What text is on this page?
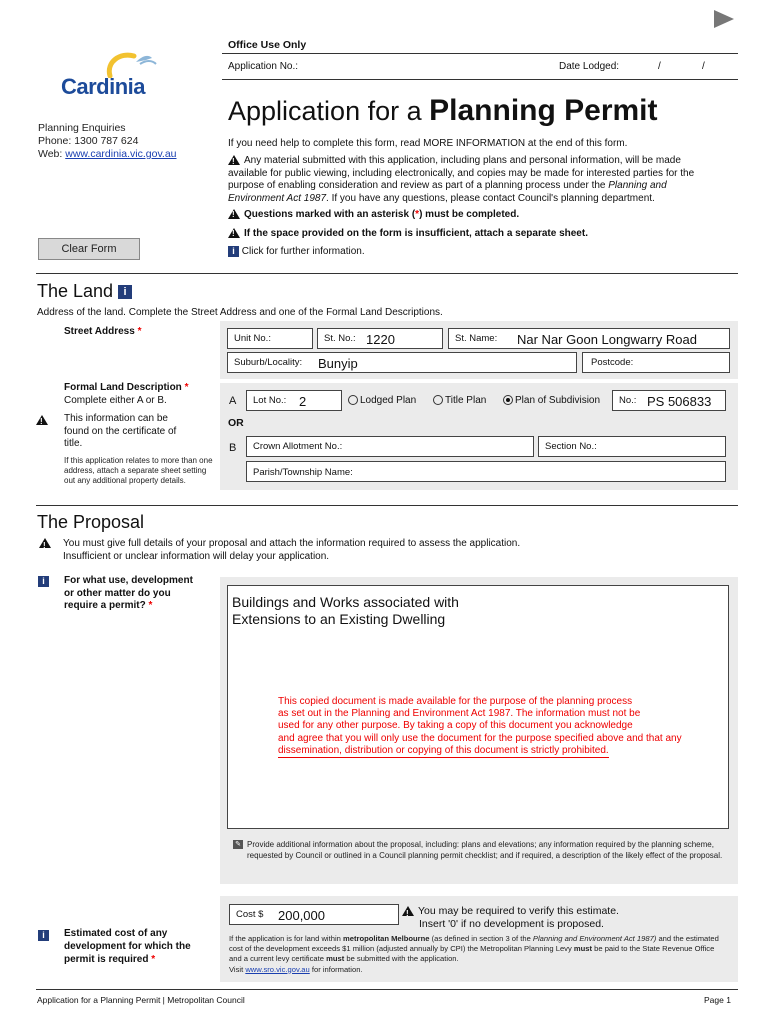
Office Use Only
Application No.:	Date Lodged:	/	/
Cardinia
Planning Enquiries
Phone: 1300 787 624
Web: www.cardinia.vic.gov.au
Clear Form
Application for a Planning Permit
If you need help to complete this form, read MORE INFORMATION at the end of this form.
!Any material submitted with this application, including plans and personal information, will be made available for public viewing, including electronically, and copies may be made for interested parties for the purpose of enabling consideration and review as part of a planning process under the Planning and Environment Act 1987. If you have any questions, please contact Council's planning department.
!Questions marked with an asterisk (*) must be completed.
!If the space provided on the form is insufficient, attach a separate sheet.
i Click for further information.
The Land i
Address of the land. Complete the Street Address and one of the Formal Land Descriptions.
Street Address *
Unit No.:	St. No.: 1220	St. Name: Nar Nar Goon Longwarry Road
Suburb/Locality: Bunyip	Postcode:
Formal Land Description *
Complete either A or B.
!
This information can be found on the certificate of title.
If this application relates to more than one address, attach a separate sheet setting out any additional property details.
A Lot No.: 2	Lodged Plan	Title Plan	Plan of Subdivision No.: PS 506833
OR
B Crown Allotment No.:	Section No.:
Parish/Township Name:
The Proposal
!
You must give full details of your proposal and attach the information required to assess the application.
Insufficient or unclear information will delay your application.
i	For what use, development or other matter do you require a permit? *	Buildings and Works associated with
Extensions to an Existing Dwelling
This copied document is made available for the purpose of the planning process
as set out in the Planning and Environment Act 1987. The information must not be
used for any other purpose. By taking a copy of this document you acknowledge
and agree that you will only use the document for the purpose specified above and that any
dissemination, distribution or copying of this document is strictly prohibited.
✎ Provide additional information about the proposal, including: plans and elevations; any information required by the planning scheme, requested by Council or outlined in a Council planning permit checklist; and if required, a description of the likely effect of the proposal.
i	Estimated cost of any development for which the permit is required *
Cost $ 200,000 !	You may be required to verify this estimate.
Insert '0' if no development is proposed.
If the application is for land within metropolitan Melbourne (as defined in section 3 of the Planning and Environment Act 1987) and the estimated cost of the development exceeds $1 million (adjusted annually by CPI) the Metropolitan Planning Levy must be paid to the State Revenue Office and a current levy certificate must be submitted with the application.
Visit www.sro.vic.gov.au for information.
Application for a Planning Permit | Metropolitan Council	Page 1
